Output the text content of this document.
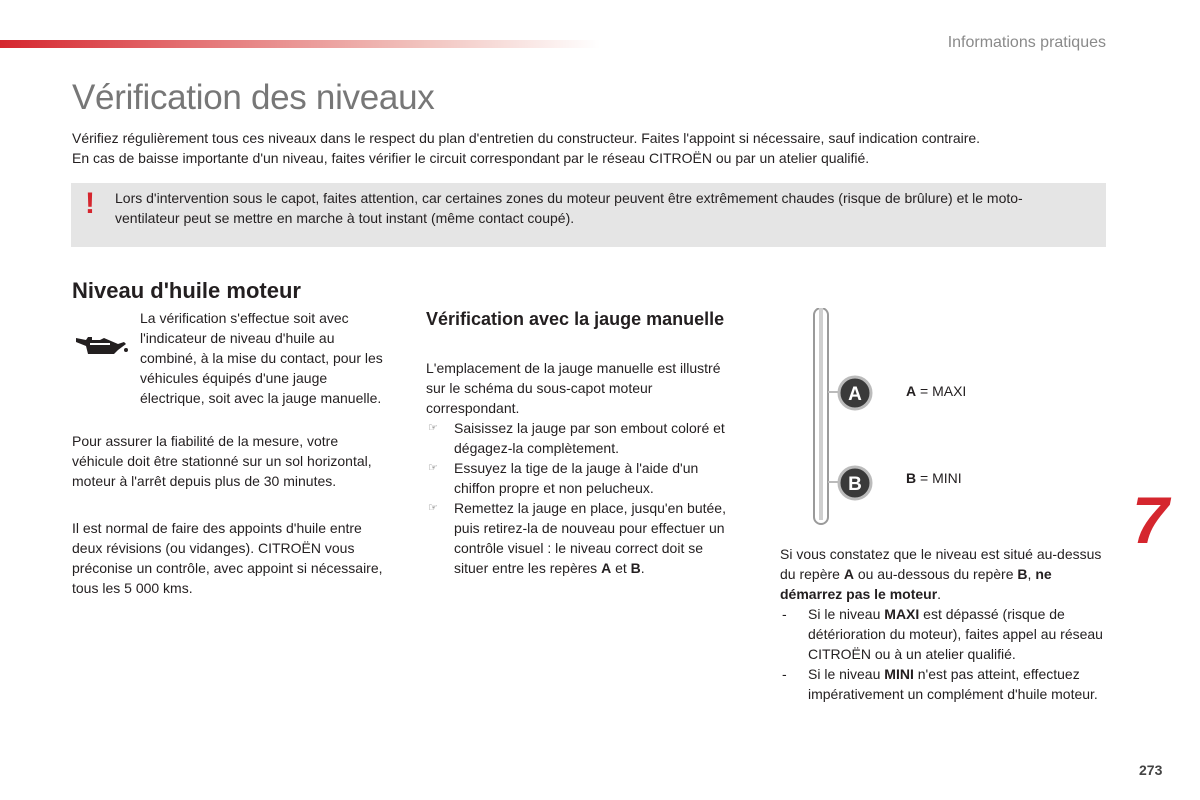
Informations pratiques
Vérification des niveaux

Vérifiez régulièrement tous ces niveaux dans le respect du plan d'entretien du constructeur. Faites l'appoint si nécessaire, sauf indication contraire.

En cas de baisse importante d'un niveau, faites vérifier le circuit correspondant par le réseau CITROËN ou par un atelier qualifié.

! Lors d'intervention sous le capot, faites attention, car certaines zones du moteur peuvent être extrêmement chaudes (risque de brûlure) et le moto-ventilateur peut se mettre en marche à tout instant (même contact coupé).
Niveau d'huile moteur

La vérification s'effectue soit avec l'indicateur de niveau d'huile au combiné, à la mise du contact, pour les véhicules équipés d'une jauge électrique, soit avec la jauge manuelle.

Pour assurer la fiabilité de la mesure, votre véhicule doit être stationné sur un sol horizontal, moteur à l'arrêt depuis plus de 30 minutes.

Il est normal de faire des appoints d'huile entre deux révisions (ou vidanges). CITROËN vous préconise un contrôle, avec appoint si nécessaire, tous les 5 000 kms.

Vérification avec la jauge manuelle

L'emplacement de la jauge manuelle est illustré sur le schéma du sous-capot moteur correspondant.

☞ Saisissez la jauge par son embout coloré et dégagez-la complètement.
☞ Essuyez la tige de la jauge à l'aide d'un chiffon propre et non pelucheux.
☞ Remettez la jauge en place, jusqu'en butée, puis retirez-la de nouveau pour effectuer un contrôle visuel : le niveau correct doit se situer entre les repères A et B.
A
B
A = MAXI
B = MINI
7

Si vous constatez que le niveau est situé au-dessus du repère A ou au-dessous du repère B, ne démarrez pas le moteur.

- Si le niveau MAXI est dépassé (risque de détérioration du moteur), faites appel au réseau CITROËN ou à un atelier qualifié.
- Si le niveau MINI n'est pas atteint, effectuez impérativement un complément d'huile moteur.
273
